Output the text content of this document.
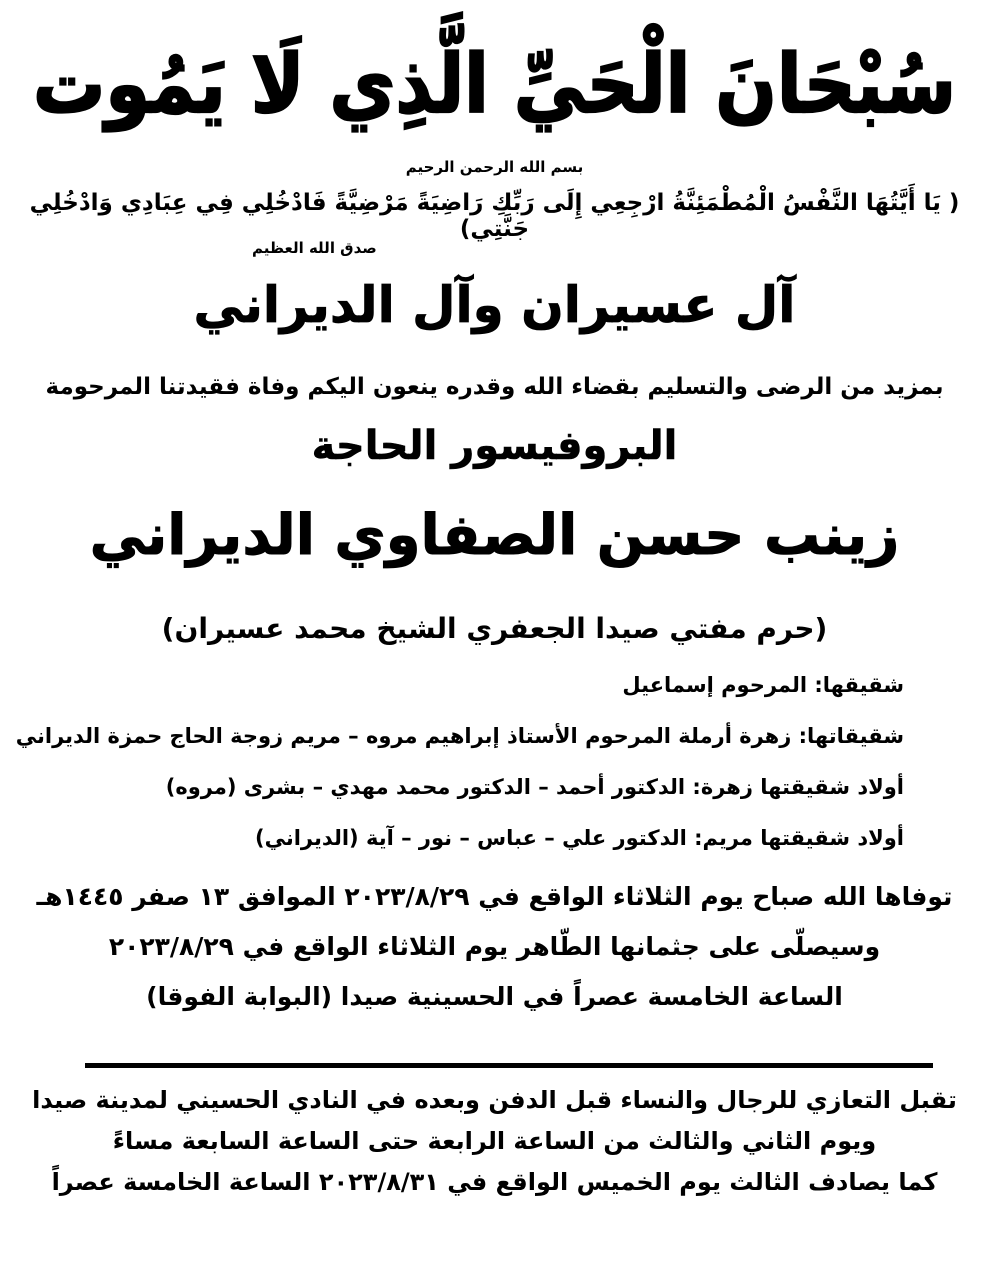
سُبْحَانَ الْحَيِّ الَّذِي لَا يَمُوت
بسم الله الرحمن الرحيم
( يَا أَيَّتُهَا النَّفْسُ الْمُطْمَئِنَّةُ ارْجِعِي إِلَى رَبِّكِ رَاضِيَةً مَرْضِيَّةً فَادْخُلِي فِي عِبَادِي وَادْخُلِي جَنَّتِي)
صدق الله العظيم
آل عسيران وآل الديراني
بمزيد من الرضى والتسليم بقضاء الله وقدره ينعون اليكم وفاة فقيدتنا المرحومة
البروفيسور الحاجة
زينب حسن الصفاوي الديراني
(حرم مفتي صيدا الجعفري الشيخ محمد عسيران)
شقيقها: المرحوم إسماعيل
شقيقاتها: زهرة أرملة المرحوم الأستاذ إبراهيم مروه – مريم زوجة الحاج حمزة الديراني
أولاد شقيقتها زهرة: الدكتور أحمد – الدكتور محمد مهدي – بشرى (مروه)
أولاد شقيقتها مريم: الدكتور علي – عباس – نور – آية (الديراني)
توفاها الله صباح يوم الثلاثاء الواقع في ٢٠٢٣/٨/٢٩ الموافق ١٣ صفر ١٤٤٥هـ
وسيصلّى على جثمانها الطّاهر يوم الثلاثاء الواقع في ٢٠٢٣/٨/٢٩
الساعة الخامسة عصراً في الحسينية صيدا (البوابة الفوقا)
تقبل التعازي للرجال والنساء قبل الدفن وبعده في النادي الحسيني لمدينة صيدا
ويوم الثاني والثالث من الساعة الرابعة حتى الساعة السابعة مساءً
كما يصادف الثالث يوم الخميس الواقع في ٢٠٢٣/٨/٣١ الساعة الخامسة عصراً
